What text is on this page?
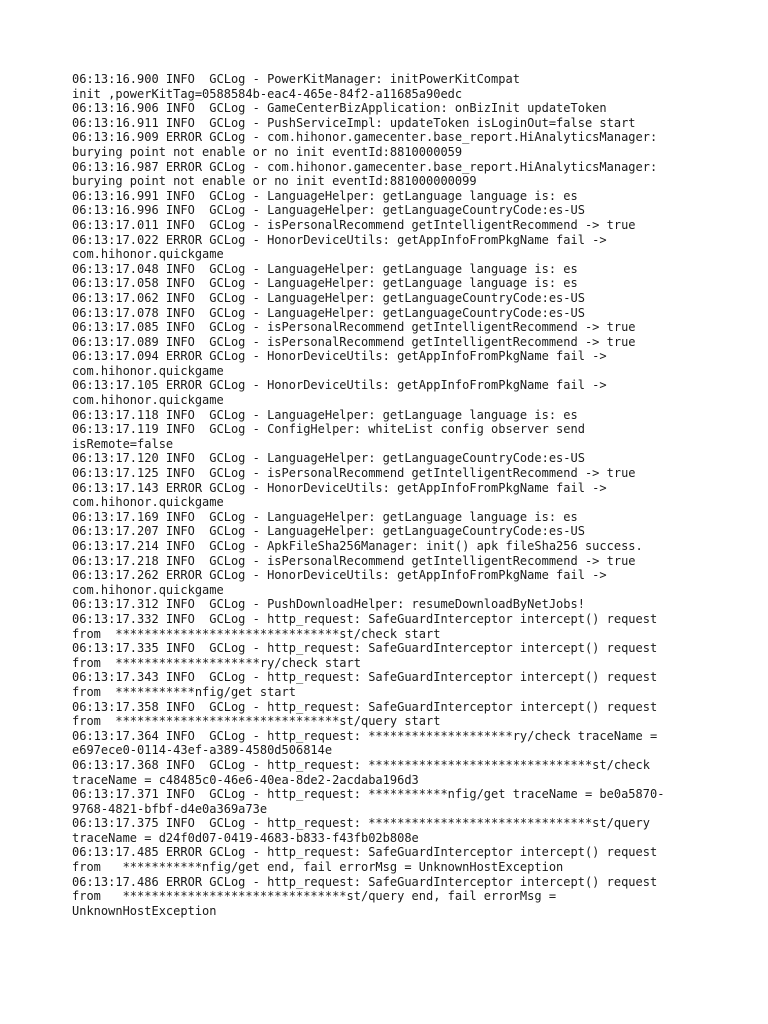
06:13:16.900 INFO  GCLog - PowerKitManager: initPowerKitCompat
init ,powerKitTag=0588584b-eac4-465e-84f2-a11685a90edc
06:13:16.906 INFO  GCLog - GameCenterBizApplication: onBizInit updateToken
06:13:16.911 INFO  GCLog - PushServiceImpl: updateToken isLoginOut=false start
06:13:16.909 ERROR GCLog - com.hihonor.gamecenter.base_report.HiAnalyticsManager:
burying point not enable or no init eventId:8810000059
06:13:16.987 ERROR GCLog - com.hihonor.gamecenter.base_report.HiAnalyticsManager:
burying point not enable or no init eventId:881000000099
06:13:16.991 INFO  GCLog - LanguageHelper: getLanguage language is: es
06:13:16.996 INFO  GCLog - LanguageHelper: getLanguageCountryCode:es-US
06:13:17.011 INFO  GCLog - isPersonalRecommend getIntelligentRecommend -> true
06:13:17.022 ERROR GCLog - HonorDeviceUtils: getAppInfoFromPkgName fail ->
com.hihonor.quickgame
06:13:17.048 INFO  GCLog - LanguageHelper: getLanguage language is: es
06:13:17.058 INFO  GCLog - LanguageHelper: getLanguage language is: es
06:13:17.062 INFO  GCLog - LanguageHelper: getLanguageCountryCode:es-US
06:13:17.078 INFO  GCLog - LanguageHelper: getLanguageCountryCode:es-US
06:13:17.085 INFO  GCLog - isPersonalRecommend getIntelligentRecommend -> true
06:13:17.089 INFO  GCLog - isPersonalRecommend getIntelligentRecommend -> true
06:13:17.094 ERROR GCLog - HonorDeviceUtils: getAppInfoFromPkgName fail ->
com.hihonor.quickgame
06:13:17.105 ERROR GCLog - HonorDeviceUtils: getAppInfoFromPkgName fail ->
com.hihonor.quickgame
06:13:17.118 INFO  GCLog - LanguageHelper: getLanguage language is: es
06:13:17.119 INFO  GCLog - ConfigHelper: whiteList config observer send
isRemote=false
06:13:17.120 INFO  GCLog - LanguageHelper: getLanguageCountryCode:es-US
06:13:17.125 INFO  GCLog - isPersonalRecommend getIntelligentRecommend -> true
06:13:17.143 ERROR GCLog - HonorDeviceUtils: getAppInfoFromPkgName fail ->
com.hihonor.quickgame
06:13:17.169 INFO  GCLog - LanguageHelper: getLanguage language is: es
06:13:17.207 INFO  GCLog - LanguageHelper: getLanguageCountryCode:es-US
06:13:17.214 INFO  GCLog - ApkFileSha256Manager: init() apk fileSha256 success.
06:13:17.218 INFO  GCLog - isPersonalRecommend getIntelligentRecommend -> true
06:13:17.262 ERROR GCLog - HonorDeviceUtils: getAppInfoFromPkgName fail ->
com.hihonor.quickgame
06:13:17.312 INFO  GCLog - PushDownloadHelper: resumeDownloadByNetJobs!
06:13:17.332 INFO  GCLog - http_request: SafeGuardInterceptor intercept() request
from  *******************************st/check start
06:13:17.335 INFO  GCLog - http_request: SafeGuardInterceptor intercept() request
from  ********************ry/check start
06:13:17.343 INFO  GCLog - http_request: SafeGuardInterceptor intercept() request
from  ***********nfig/get start
06:13:17.358 INFO  GCLog - http_request: SafeGuardInterceptor intercept() request
from  *******************************st/query start
06:13:17.364 INFO  GCLog - http_request: ********************ry/check traceName =
e697ece0-0114-43ef-a389-4580d506814e
06:13:17.368 INFO  GCLog - http_request: *******************************st/check
traceName = c48485c0-46e6-40ea-8de2-2acdaba196d3
06:13:17.371 INFO  GCLog - http_request: ***********nfig/get traceName = be0a5870-
9768-4821-bfbf-d4e0a369a73e
06:13:17.375 INFO  GCLog - http_request: *******************************st/query
traceName = d24f0d07-0419-4683-b833-f43fb02b808e
06:13:17.485 ERROR GCLog - http_request: SafeGuardInterceptor intercept() request
from   ***********nfig/get end, fail errorMsg = UnknownHostException
06:13:17.486 ERROR GCLog - http_request: SafeGuardInterceptor intercept() request
from   *******************************st/query end, fail errorMsg =
UnknownHostException
